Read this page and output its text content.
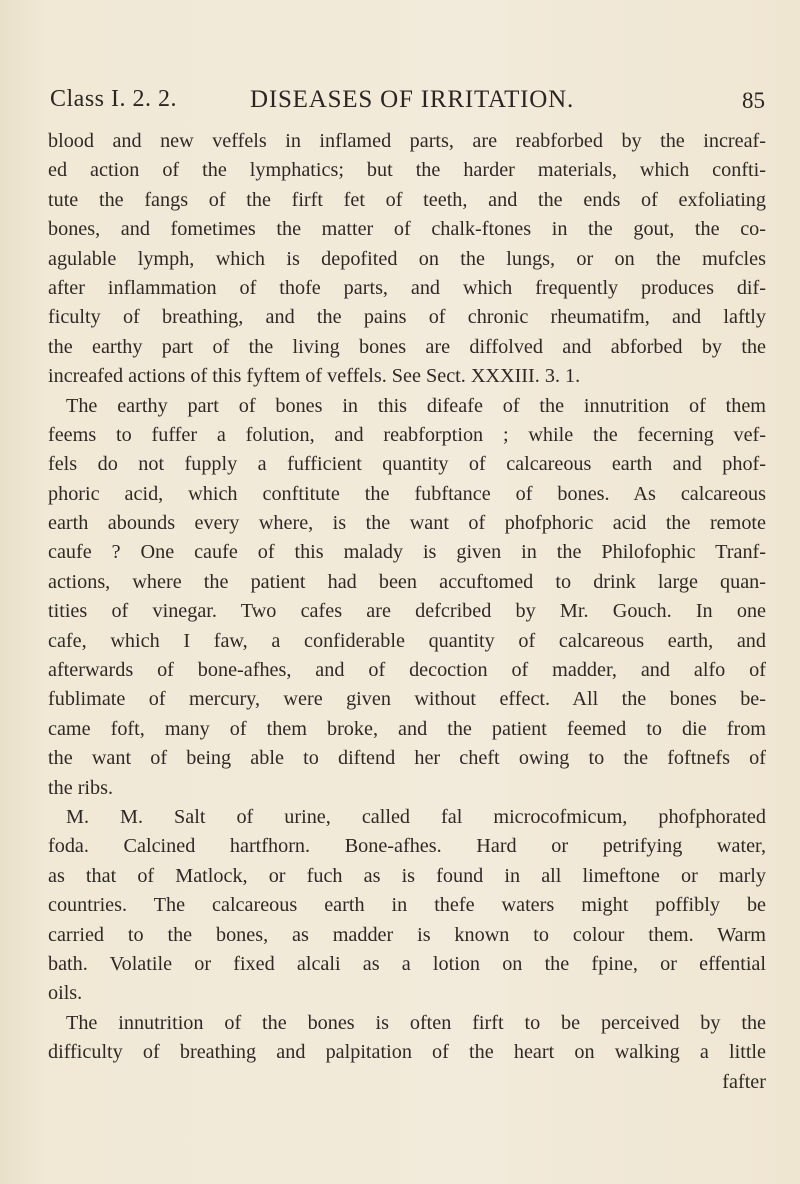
Class I. 2. 2.	DISEASES OF IRRITATION.	85
blood and new veffels in inflamed parts, are reabforbed by the increaf-
ed action of the lymphatics; but the harder materials, which confti-
tute the fangs of the firft fet of teeth, and the ends of exfoliating
bones, and fometimes the matter of chalk-ftones in the gout, the co-
agulable lymph, which is depofited on the lungs, or on the mufcles
after inflammation of thofe parts, and which frequently produces dif-
ficulty of breathing, and the pains of chronic rheumatifm, and laftly
the earthy part of the living bones are diffolved and abforbed by the
increafed actions of this fyftem of veffels. See Sect. XXXIII. 3. 1.
The earthy part of bones in this difeafe of the innutrition of them
feems to fuffer a folution, and reabforption ; while the fecerning vef-
fels do not fupply a fufficient quantity of calcareous earth and phof-
phoric acid, which conftitute the fubftance of bones. As calcareous
earth abounds every where, is the want of phofphoric acid the remote
caufe ? One caufe of this malady is given in the Philofophic Tranf-
actions, where the patient had been accuftomed to drink large quan-
tities of vinegar. Two cafes are defcribed by Mr. Gouch. In one
cafe, which I faw, a confiderable quantity of calcareous earth, and
afterwards of bone-afhes, and of decoction of madder, and alfo of
fublimate of mercury, were given without effect. All the bones be-
came foft, many of them broke, and the patient feemed to die from
the want of being able to diftend her cheft owing to the foftnefs of
the ribs.
M. M. Salt of urine, called fal microcofmicum, phofphorated
foda. Calcined hartfhorn. Bone-afhes. Hard or petrifying water,
as that of Matlock, or fuch as is found in all limeftone or marly
countries. The calcareous earth in thefe waters might poffibly be
carried to the bones, as madder is known to colour them. Warm
bath. Volatile or fixed alcali as a lotion on the fpine, or effential
oils.
The innutrition of the bones is often firft to be perceived by the
difficulty of breathing and palpitation of the heart on walking a little
fafter
